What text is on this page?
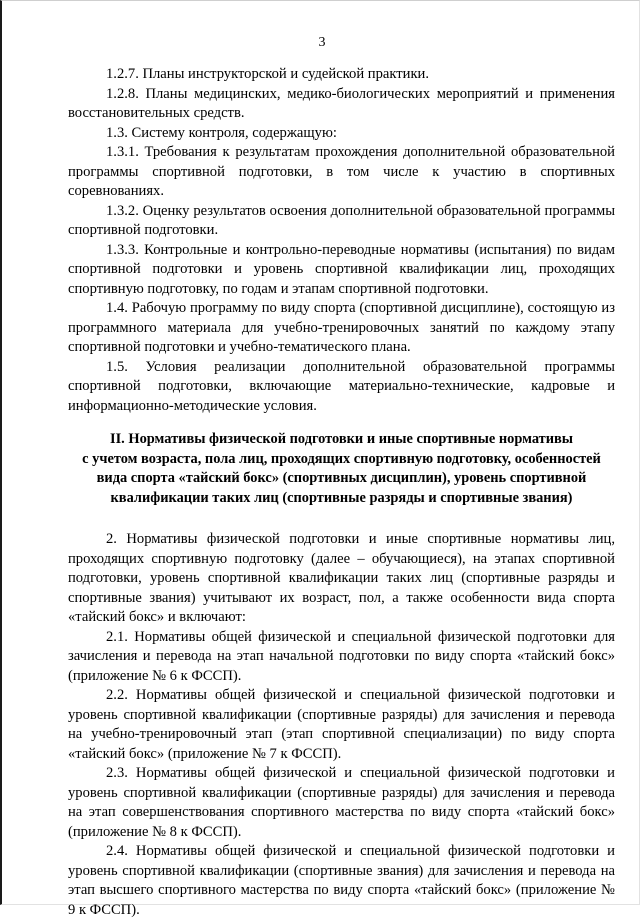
3

1.2.7. Планы инструкторской и судейской практики.

1.2.8. Планы медицинских, медико-биологических мероприятий и применения восстановительных средств.

1.3. Систему контроля, содержащую:

1.3.1. Требования к результатам прохождения дополнительной образовательной программы спортивной подготовки, в том числе к участию в спортивных соревнованиях.

1.3.2. Оценку результатов освоения дополнительной образовательной программы спортивной подготовки.

1.3.3. Контрольные и контрольно-переводные нормативы (испытания) по видам спортивной подготовки и уровень спортивной квалификации лиц, проходящих спортивную подготовку, по годам и этапам спортивной подготовки.

1.4. Рабочую программу по виду спорта (спортивной дисциплине), состоящую из программного материала для учебно-тренировочных занятий по каждому этапу спортивной подготовки и учебно-тематического плана.

1.5. Условия реализации дополнительной образовательной программы спортивной подготовки, включающие материально-технические, кадровые и информационно-методические условия.

II. Нормативы физической подготовки и иные спортивные нормативы
с учетом возраста, пола лиц, проходящих спортивную подготовку, особенностей
вида спорта «тайский бокс» (спортивных дисциплин), уровень спортивной
квалификации таких лиц (спортивные разряды и спортивные звания)

2. Нормативы физической подготовки и иные спортивные нормативы лиц, проходящих спортивную подготовку (далее – обучающиеся), на этапах спортивной подготовки, уровень спортивной квалификации таких лиц (спортивные разряды и спортивные звания) учитывают их возраст, пол, а также особенности вида спорта «тайский бокс» и включают:

2.1. Нормативы общей физической и специальной физической подготовки для зачисления и перевода на этап начальной подготовки по виду спорта «тайский бокс» (приложение № 6 к ФССП).

2.2. Нормативы общей физической и специальной физической подготовки и уровень спортивной квалификации (спортивные разряды) для зачисления и перевода на учебно-тренировочный этап (этап спортивной специализации) по виду спорта «тайский бокс» (приложение № 7 к ФССП).

2.3. Нормативы общей физической и специальной физической подготовки и уровень спортивной квалификации (спортивные разряды) для зачисления и перевода на этап совершенствования спортивного мастерства по виду спорта «тайский бокс» (приложение № 8 к ФССП).

2.4. Нормативы общей физической и специальной физической подготовки и уровень спортивной квалификации (спортивные звания) для зачисления и перевода на этап высшего спортивного мастерства по виду спорта «тайский бокс» (приложение № 9 к ФССП).
